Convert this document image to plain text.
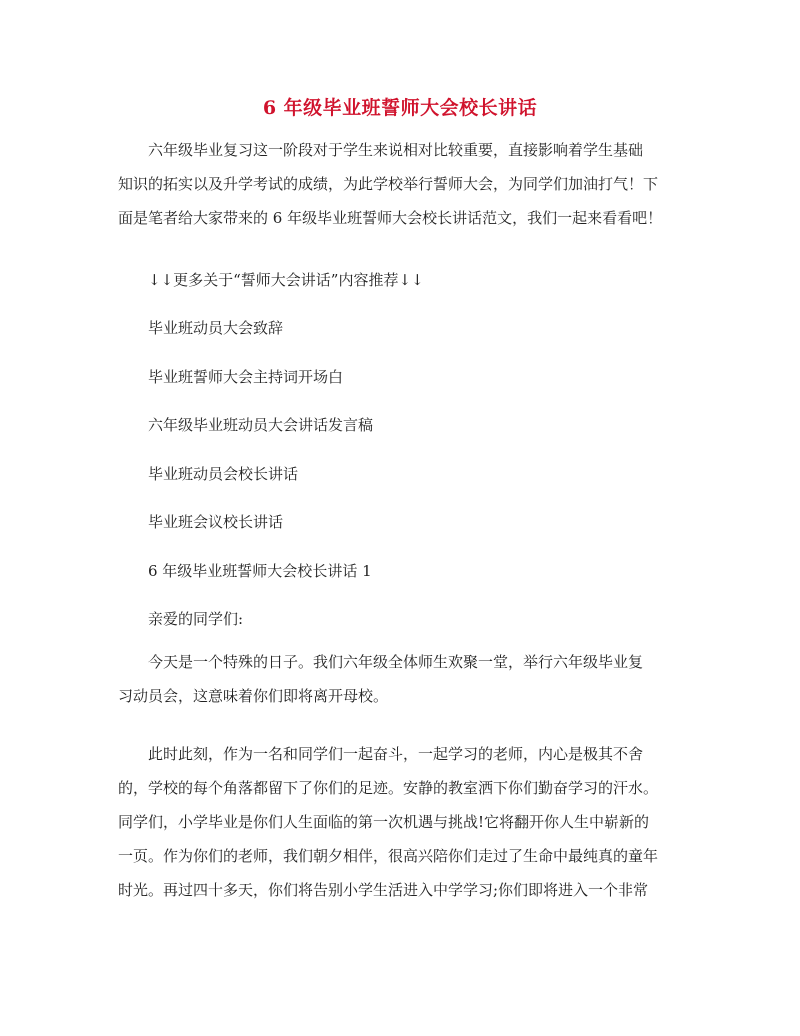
6 年级毕业班誓师大会校长讲话
六年级毕业复习这一阶段对于学生来说相对比较重要，直接影响着学生基础
知识的拓实以及升学考试的成绩，为此学校举行誓师大会，为同学们加油打气！下
面是笔者给大家带来的 6 年级毕业班誓师大会校长讲话范文，我们一起来看看吧！
↓↓更多关于“誓师大会讲话”内容推荐↓↓
毕业班动员大会致辞
毕业班誓师大会主持词开场白
六年级毕业班动员大会讲话发言稿
毕业班动员会校长讲话
毕业班会议校长讲话
6 年级毕业班誓师大会校长讲话 1
亲爱的同学们:
今天是一个特殊的日子。我们六年级全体师生欢聚一堂，举行六年级毕业复
习动员会，这意味着你们即将离开母校。
此时此刻，作为一名和同学们一起奋斗，一起学习的老师，内心是极其不舍
的，学校的每个角落都留下了你们的足迹。安静的教室洒下你们勤奋学习的汗水。
同学们，小学毕业是你们人生面临的第一次机遇与挑战!它将翻开你人生中崭新的
一页。作为你们的老师，我们朝夕相伴，很高兴陪你们走过了生命中最纯真的童年
时光。再过四十多天，你们将告别小学生活进入中学学习;你们即将进入一个非常
